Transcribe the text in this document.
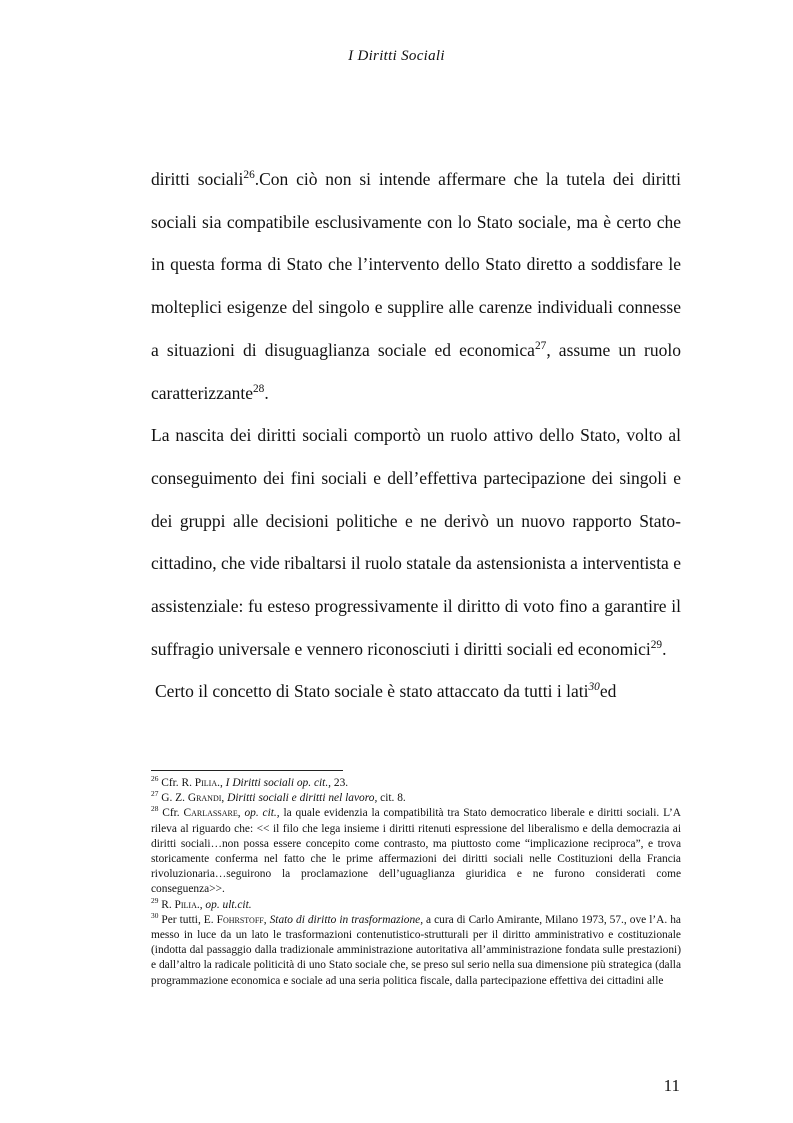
I Diritti Sociali

diritti sociali$^{26}$.Con ciò non si intende affermare che la tutela dei diritti sociali sia compatibile esclusivamente con lo Stato sociale, ma è certo che in questa forma di Stato che l’intervento dello Stato diretto a soddisfare le molteplici esigenze del singolo e supplire alle carenze individuali connesse a situazioni di disuguaglianza sociale ed economica$^{27}$, assume un ruolo caratterizzante$^{28}$.

La nascita dei diritti sociali comportò un ruolo attivo dello Stato, volto al conseguimento dei fini sociali e dell’effettiva partecipazione dei singoli e dei gruppi alle decisioni politiche e ne derivò un nuovo rapporto Stato-cittadino, che vide ribaltarsi il ruolo statale da astensionista a interventista e assistenziale: fu esteso progressivamente il diritto di voto fino a garantire il suffragio universale e vennero riconosciuti i diritti sociali ed economici$^{29}$.

Certo il concetto di Stato sociale è stato attaccato da tutti i lati$^{30}$ed

$^{26}$ Cfr. R. Pilia., I Diritti sociali op. cit., 23.

$^{27}$ G. Z. Grandi, Diritti sociali e diritti nel lavoro, cit. 8.

$^{28}$ Cfr. Carlassare, op. cit., la quale evidenzia la compatibilità tra Stato democratico liberale e diritti sociali. L’A rileva al riguardo che: << il filo che lega insieme i diritti ritenuti espressione del liberalismo e della democrazia ai diritti sociali…non possa essere concepito come contrasto, ma piuttosto come “implicazione reciproca”, e trova storicamente conferma nel fatto che le prime affermazioni dei diritti sociali nelle Costituzioni della Francia rivoluzionaria…seguirono la proclamazione dell’uguaglianza giuridica e ne furono considerati come conseguenza>>.

$^{29}$ R. Pilia., op. ult.cit.

$^{30}$ Per tutti, E. Fohrstoff, Stato di diritto in trasformazione, a cura di Carlo Amirante, Milano 1973, 57., ove l’A. ha messo in luce da un lato le trasformazioni contenutistico-strutturali per il diritto amministrativo e costituzionale (indotta dal passaggio dalla tradizionale amministrazione autoritativa all’amministrazione fondata sulle prestazioni) e dall’altro la radicale politicità di uno Stato sociale che, se preso sul serio nella sua dimensione più strategica (dalla programmazione economica e sociale ad una seria politica fiscale, dalla partecipazione effettiva dei cittadini alle

11
